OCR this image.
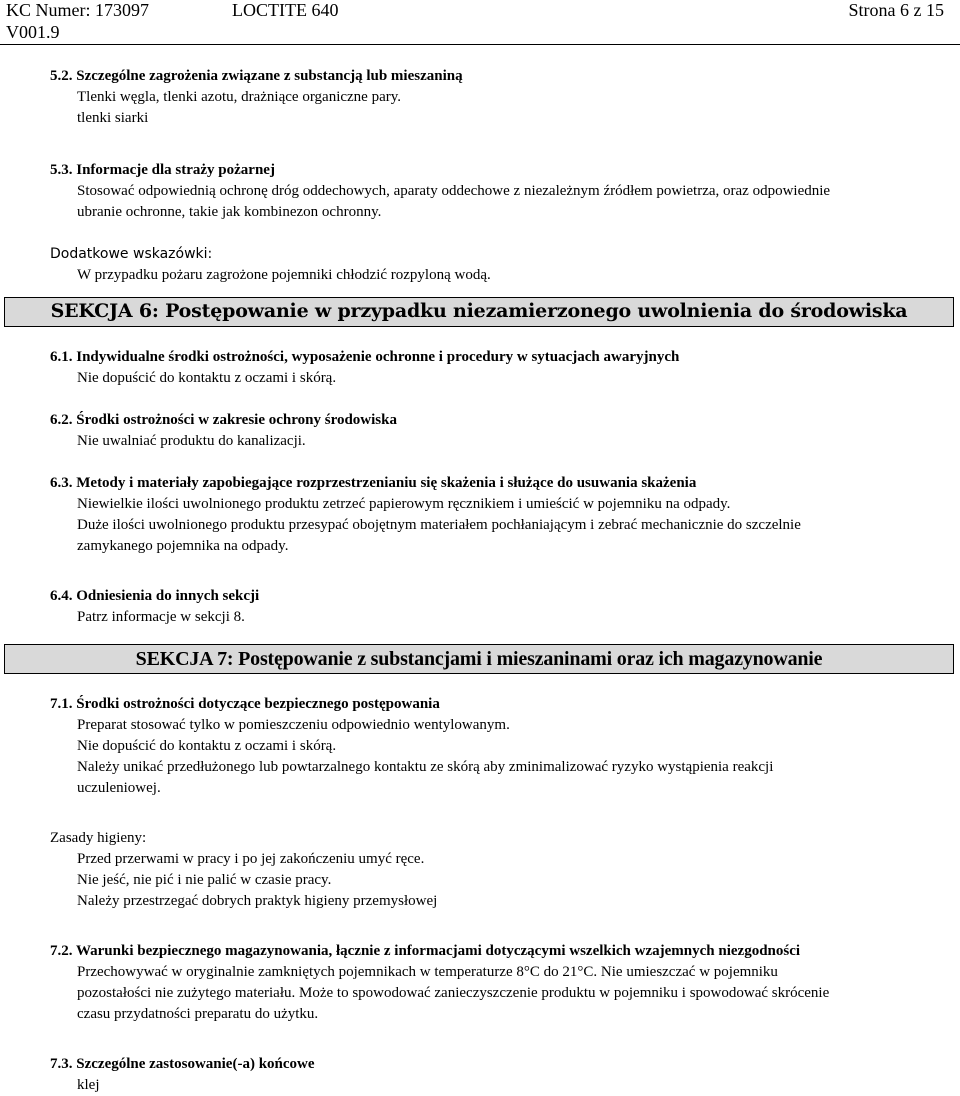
KC Numer: 173097	LOCTITE 640	Strona 6 z 15
V001.9
5.2. Szczególne zagrożenia związane z substancją lub mieszaniną
Tlenki węgla, tlenki azotu, drażniące organiczne pary.
tlenki siarki
5.3. Informacje dla straży pożarnej
Stosować odpowiednią ochronę dróg oddechowych, aparaty oddechowe z niezależnym źródłem powietrza, oraz odpowiednie
ubranie ochronne, takie jak kombinezon ochronny.
Dodatkowe wskazówki:
W przypadku pożaru zagrożone pojemniki chłodzić rozpyloną wodą.
SEKCJA 6: Postępowanie w przypadku niezamierzonego uwolnienia do środowiska
6.1. Indywidualne środki ostrożności, wyposażenie ochronne i procedury w sytuacjach awaryjnych
Nie dopuścić do kontaktu z oczami i skórą.
6.2. Środki ostrożności w zakresie ochrony środowiska
Nie uwalniać produktu do kanalizacji.
6.3. Metody i materiały zapobiegające rozprzestrzenianiu się skażenia i służące do usuwania skażenia
Niewielkie ilości uwolnionego produktu zetrzeć papierowym ręcznikiem i umieścić w pojemniku na odpady.
Duże ilości uwolnionego produktu przesypać obojętnym materiałem pochłaniającym i zebrać mechanicznie do szczelnie
zamykanego pojemnika na odpady.
6.4. Odniesienia do innych sekcji
Patrz informacje w sekcji 8.
SEKCJA 7: Postępowanie z substancjami i mieszaninami oraz ich magazynowanie
7.1. Środki ostrożności dotyczące bezpiecznego postępowania
Preparat stosować tylko w pomieszczeniu odpowiednio wentylowanym.
Nie dopuścić do kontaktu z oczami i skórą.
Należy unikać przedłużonego lub powtarzalnego kontaktu ze skórą aby zminimalizować ryzyko wystąpienia reakcji
uczuleniowej.
Zasady higieny:
Przed przerwami w pracy i po jej zakończeniu umyć ręce.
Nie jeść, nie pić i nie palić w czasie pracy.
Należy przestrzegać dobrych praktyk higieny przemysłowej
7.2. Warunki bezpiecznego magazynowania, łącznie z informacjami dotyczącymi wszelkich wzajemnych niezgodności
Przechowywać w oryginalnie zamkniętych pojemnikach w temperaturze 8°C do 21°C. Nie umieszczać w pojemniku
pozostałości nie zużytego materiału. Może to spowodować zanieczyszczenie produktu w pojemniku i spowodować skrócenie
czasu przydatności preparatu do użytku.
7.3. Szczególne zastosowanie(-a) końcowe
klej
